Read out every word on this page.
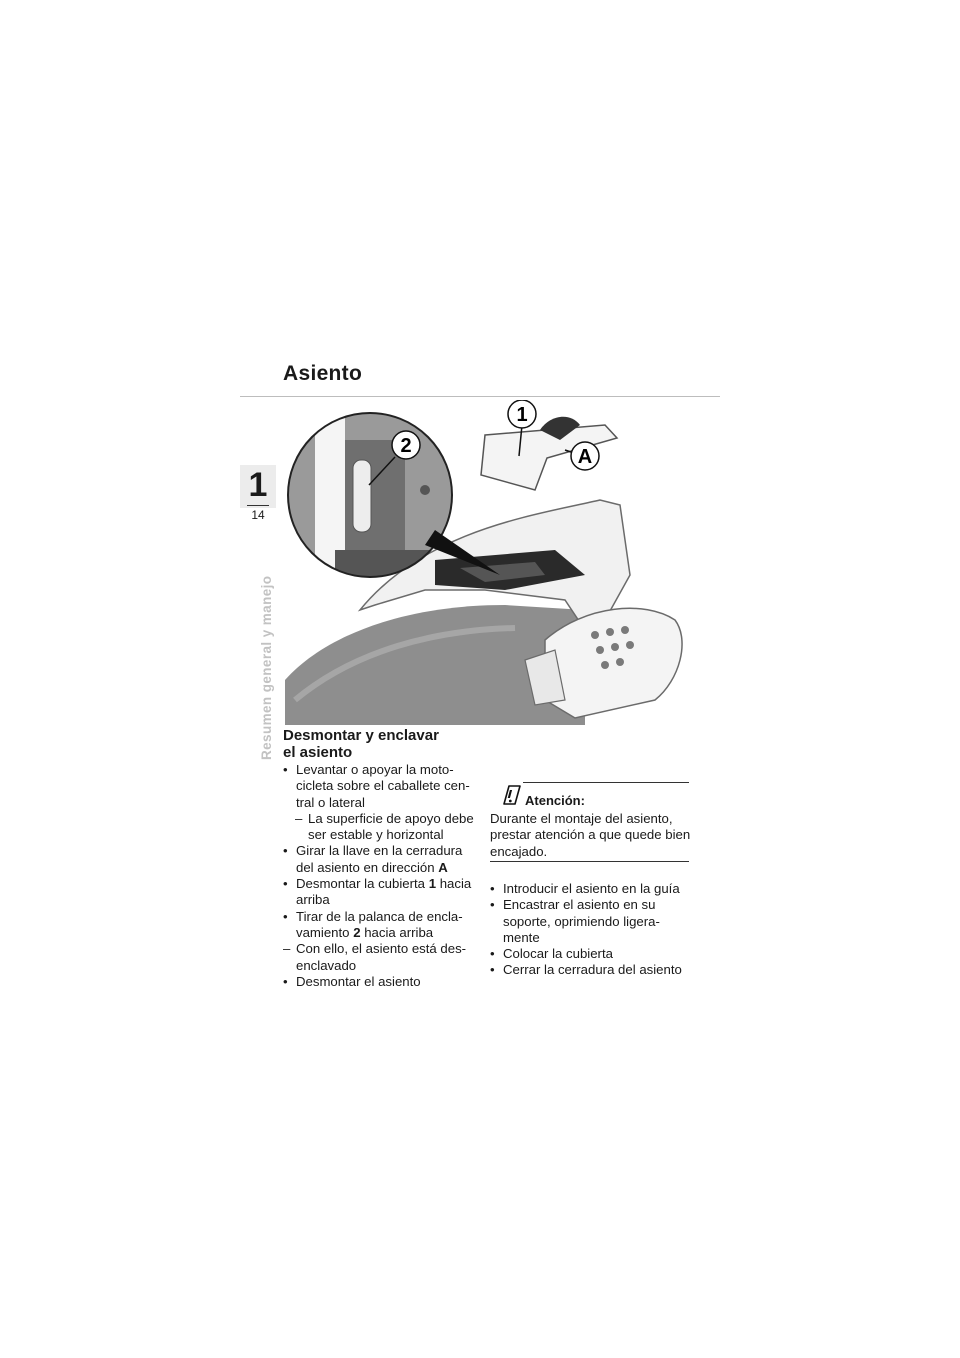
Asiento
1
14
Resumen general y manejo
2
1
A
Desmontar y enclavar
el asiento
• Levantar o apoyar la moto-cicleta sobre el caballete cen-tral o lateral
– La superficie de apoyo debe ser estable y horizontal
• Girar la llave en la cerradura del asiento en dirección A
• Desmontar la cubierta 1 hacia arriba
• Tirar de la palanca de encla-vamiento 2 hacia arriba
– Con ello, el asiento está des-enclavado
• Desmontar el asiento
Atención:
Durante el montaje del asiento, prestar atención a que quede bien encajado.
• Introducir el asiento en la guía
• Encastrar el asiento en su soporte, oprimiendo ligera-mente
• Colocar la cubierta
• Cerrar la cerradura del asiento
